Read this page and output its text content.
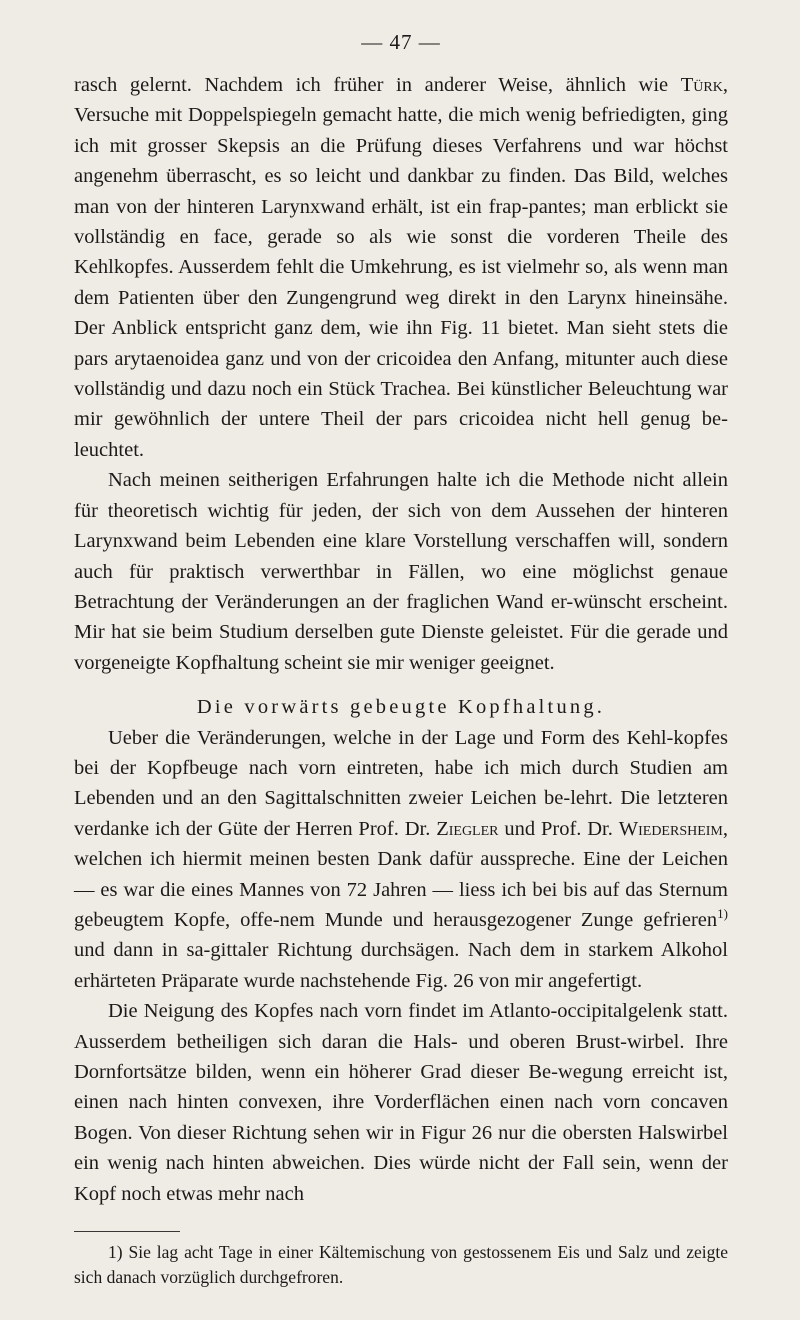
— 47 —

rasch gelernt. Nachdem ich früher in anderer Weise, ähnlich wie Türk, Versuche mit Doppelspiegeln gemacht hatte, die mich wenig befriedigten, ging ich mit grosser Skepsis an die Prüfung dieses Verfahrens und war höchst angenehm überrascht, es so leicht und dankbar zu finden. Das Bild, welches man von der hinteren Larynxwand erhält, ist ein frap-pantes; man erblickt sie vollständig en face, gerade so als wie sonst die vorderen Theile des Kehlkopfes. Ausserdem fehlt die Umkehrung, es ist vielmehr so, als wenn man dem Patienten über den Zungengrund weg direkt in den Larynx hineinsähe. Der Anblick entspricht ganz dem, wie ihn Fig. 11 bietet. Man sieht stets die pars arytaenoidea ganz und von der cricoidea den Anfang, mitunter auch diese vollständig und dazu noch ein Stück Trachea. Bei künstlicher Beleuchtung war mir gewöhnlich der untere Theil der pars cricoidea nicht hell genug be-leuchtet.

Nach meinen seitherigen Erfahrungen halte ich die Methode nicht allein für theoretisch wichtig für jeden, der sich von dem Aussehen der hinteren Larynxwand beim Lebenden eine klare Vorstellung verschaffen will, sondern auch für praktisch verwerthbar in Fällen, wo eine möglichst genaue Betrachtung der Veränderungen an der fraglichen Wand er-wünscht erscheint. Mir hat sie beim Studium derselben gute Dienste geleistet. Für die gerade und vorgeneigte Kopfhaltung scheint sie mir weniger geeignet.

Die vorwärts gebeugte Kopfhaltung.

Ueber die Veränderungen, welche in der Lage und Form des Kehl-kopfes bei der Kopfbeuge nach vorn eintreten, habe ich mich durch Studien am Lebenden und an den Sagittalschnitten zweier Leichen be-lehrt. Die letzteren verdanke ich der Güte der Herren Prof. Dr. Ziegler und Prof. Dr. Wiedersheim, welchen ich hiermit meinen besten Dank dafür ausspreche. Eine der Leichen — es war die eines Mannes von 72 Jahren — liess ich bei bis auf das Sternum gebeugtem Kopfe, offe-nem Munde und herausgezogener Zunge gefrieren$^{1)}$ und dann in sa-gittaler Richtung durchsägen. Nach dem in starkem Alkohol erhärteten Präparate wurde nachstehende Fig. 26 von mir angefertigt.

Die Neigung des Kopfes nach vorn findet im Atlanto-occipitalgelenk statt. Ausserdem betheiligen sich daran die Hals- und oberen Brust-wirbel. Ihre Dornfortsätze bilden, wenn ein höherer Grad dieser Be-wegung erreicht ist, einen nach hinten convexen, ihre Vorderflächen einen nach vorn concaven Bogen. Von dieser Richtung sehen wir in Figur 26 nur die obersten Halswirbel ein wenig nach hinten abweichen. Dies würde nicht der Fall sein, wenn der Kopf noch etwas mehr nach

1) Sie lag acht Tage in einer Kältemischung von gestossenem Eis und Salz und zeigte sich danach vorzüglich durchgefroren.
